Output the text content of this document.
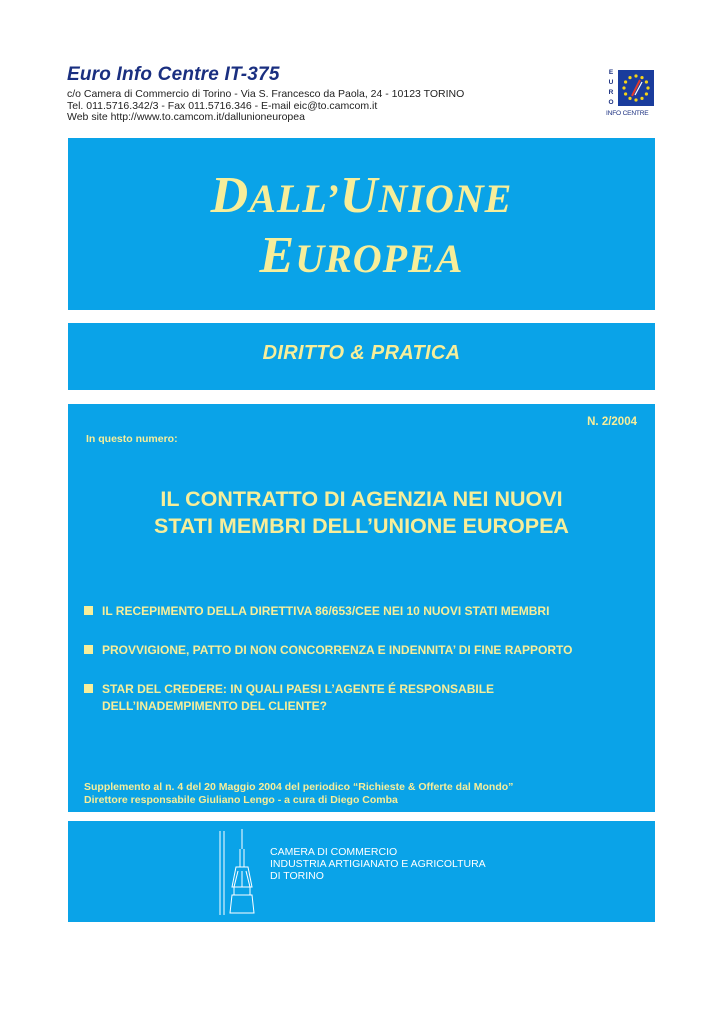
Euro Info Centre IT-375
c/o Camera di Commercio di Torino - Via S. Francesco da Paola, 24 - 10123 TORINO
Tel. 011.5716.342/3 - Fax 011.5716.346 - E-mail eic@to.camcom.it
Web site http://www.to.camcom.it/dallunioneuropea
E
U
R
O
INFO CENTRE
DALL’UNIONE
EUROPEA
DIRITTO & PRATICA
N. 2/2004
In questo numero:
IL CONTRATTO DI AGENZIA NEI NUOVI
STATI MEMBRI DELL’UNIONE EUROPEA
IL RECEPIMENTO DELLA DIRETTIVA 86/653/CEE NEI 10 NUOVI STATI MEMBRI
PROVVIGIONE, PATTO DI NON CONCORRENZA E INDENNITA’ DI FINE RAPPORTO
STAR DEL CREDERE: IN QUALI PAESI L’AGENTE É RESPONSABILE
DELL’INADEMPIMENTO DEL CLIENTE?
Supplemento al n. 4 del 20 Maggio 2004 del periodico “Richieste & Offerte dal Mondo”
Direttore responsabile Giuliano Lengo - a cura di Diego Comba
CAMERA DI COMMERCIO
INDUSTRIA ARTIGIANATO E AGRICOLTURA
DI TORINO
